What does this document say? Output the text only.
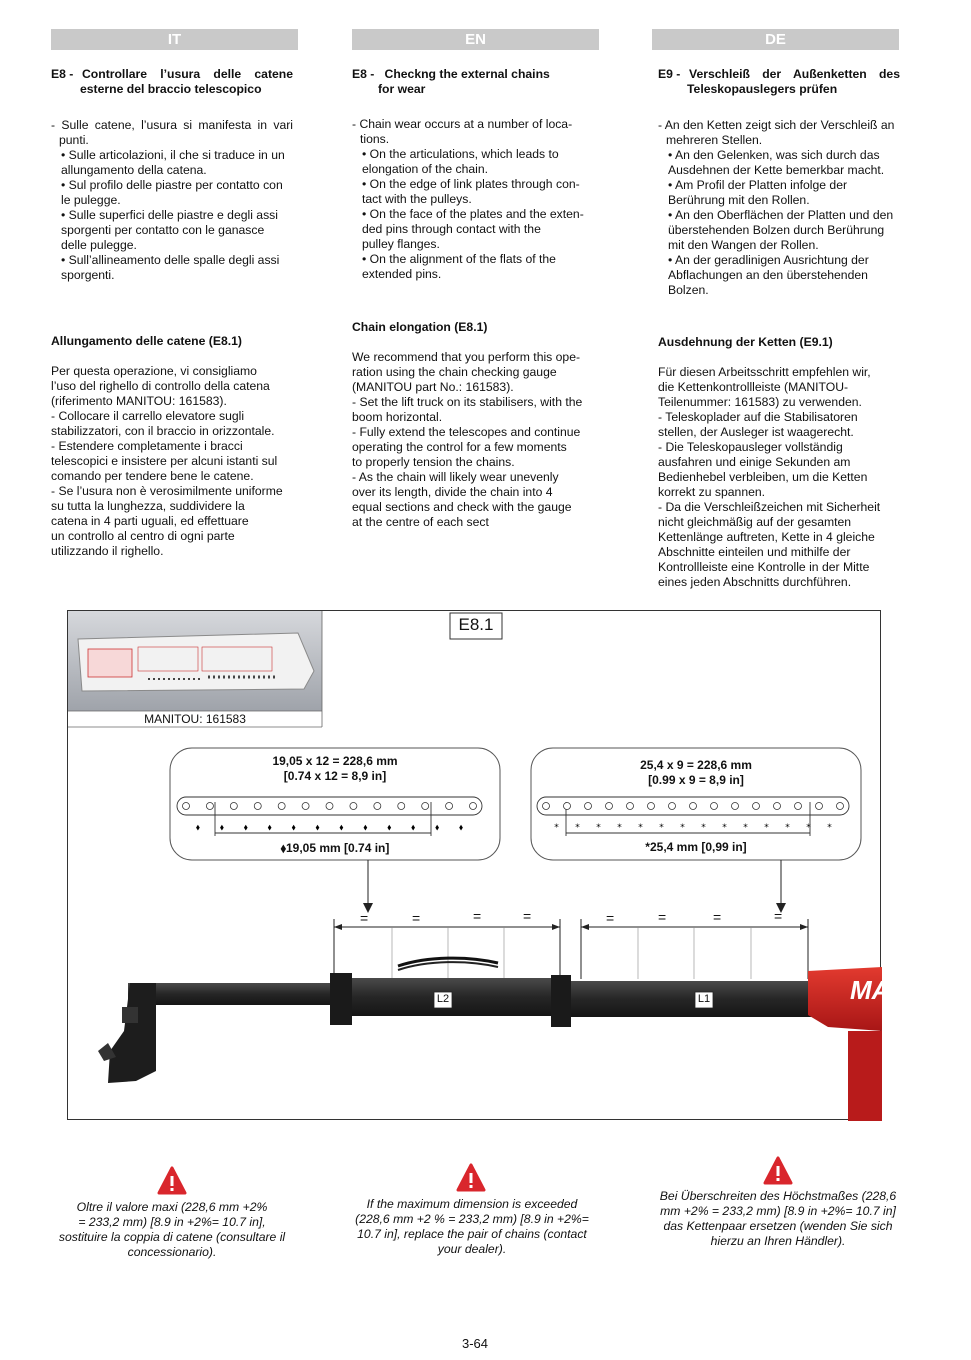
IT	EN	DE
E8 - Controllare l’usura delle catene
esterne del braccio telescopico

- Sulle catene, l’usura si manifesta in vari

punti.

• Sulle articolazioni, il che si traduce in un
allungamento della catena.
• Sul profilo delle piastre per contatto con
le pulegge.
• Sulle superfici delle piastre e degli assi
sporgenti per contatto con le ganasce
delle pulegge.
• Sull’allineamento delle spalle degli assi
sporgenti.

Allungamento delle catene (E8.1)

Per questa operazione, vi consigliamo

l’uso del righello di controllo della catena

(riferimento MANITOU: 161583).

- Collocare il carrello elevatore sugli
stabilizzatori, con il braccio in orizzontale.
- Estendere completamente i bracci
telescopici e insistere per alcuni istanti sul
comando per tendere bene le catene.
- Se l’usura non è verosimilmente uniforme
su tutta la lunghezza, suddividere la
catena in 4 parti uguali, ed effettuare
un controllo al centro di ogni parte
utilizzando il righello.
E8 - Checkng the external chains
for wear

- Chain wear occurs at a number of loca-

tions.

• On the articulations, which leads to
elongation of the chain.
• On the edge of link plates through con-
tact with the pulleys.
• On the face of the plates and the exten-
ded pins through contact with the
pulley flanges.
• On the alignment of the flats of the
extended pins.

Chain elongation (E8.1)

We recommend that you perform this ope-

ration using the chain checking gauge

(MANITOU part No.: 161583).

- Set the lift truck on its stabilisers, with the
boom horizontal.
- Fully extend the telescopes and continue
operating the control for a few moments
to properly tension the chains.
- As the chain will likely wear unevenly
over its length, divide the chain into 4
equal sections and check with the gauge
at the centre of each sect
E9 - Verschleiß der Außenketten des
Teleskopauslegers prüfen

- An den Ketten zeigt sich der Verschleiß an

mehreren Stellen.

• An den Gelenken, was sich durch das
Ausdehnen der Kette bemerkbar macht.
• Am Profil der Platten infolge der
Berührung mit den Rollen.
• An den Oberflächen der Platten und den
überstehenden Bolzen durch Berührung
mit den Wangen der Rollen.
• An der geradlinigen Ausrichtung der
Abflachungen an den überstehenden
Bolzen.

Ausdehnung der Ketten (E9.1)

Für diesen Arbeitsschritt empfehlen wir,

die Kettenkontrollleiste (MANITOU-

Teilenummer: 161583) zu verwenden.

- Teleskoplader auf die Stabilisatoren
stellen, der Ausleger ist waagerecht.
- Die Teleskopausleger vollständig
ausfahren und einige Sekunden am
Bedienhebel verbleiben, um die Ketten
korrekt zu spannen.
- Da die Verschleißzeichen mit Sicherheit
nicht gleichmäßig auf der gesamten
Kettenlänge auftreten, Kette in 4 gleiche
Abschnitte einteilen und mithilfe der
Kontrollleiste eine Kontrolle in der Mitte
eines jeden Abschnitts durchführen.
⬧ ⬧ ⬧ ⬧ ⬧ ⬧ ⬧ ⬧ ⬧ ⬧ ⬧ ⬧	* * * * * * * * * * * * * *
E8.1
MANITOU: 161583
19,05 x 12 = 228,6 mm
[0.74 x 12 = 8,9 in]
⬧19,05 mm [0.74 in]
25,4 x 9 = 228,6 mm
[0.99 x 9 = 8,9 in]
*25,4 mm [0,99 in]
=	=	=	=	=	=	=	=
L2	L1	MANITOU
Oltre il valore maxi (228,6 mm +2%
= 233,2 mm) [8.9 in +2%= 10.7 in],
sostituire la coppia di catene (consultare il
concessionario).
If the maximum dimension is exceeded
(228,6 mm +2 % = 233,2 mm) [8.9 in +2%=
10.7 in], replace the pair of chains (contact
your dealer).
Bei Überschreiten des Höchstmaßes (228,6
mm +2% = 233,2 mm) [8.9 in +2%= 10.7 in]
das Kettenpaar ersetzen (wenden Sie sich
hierzu an Ihren Händler).
3-64
